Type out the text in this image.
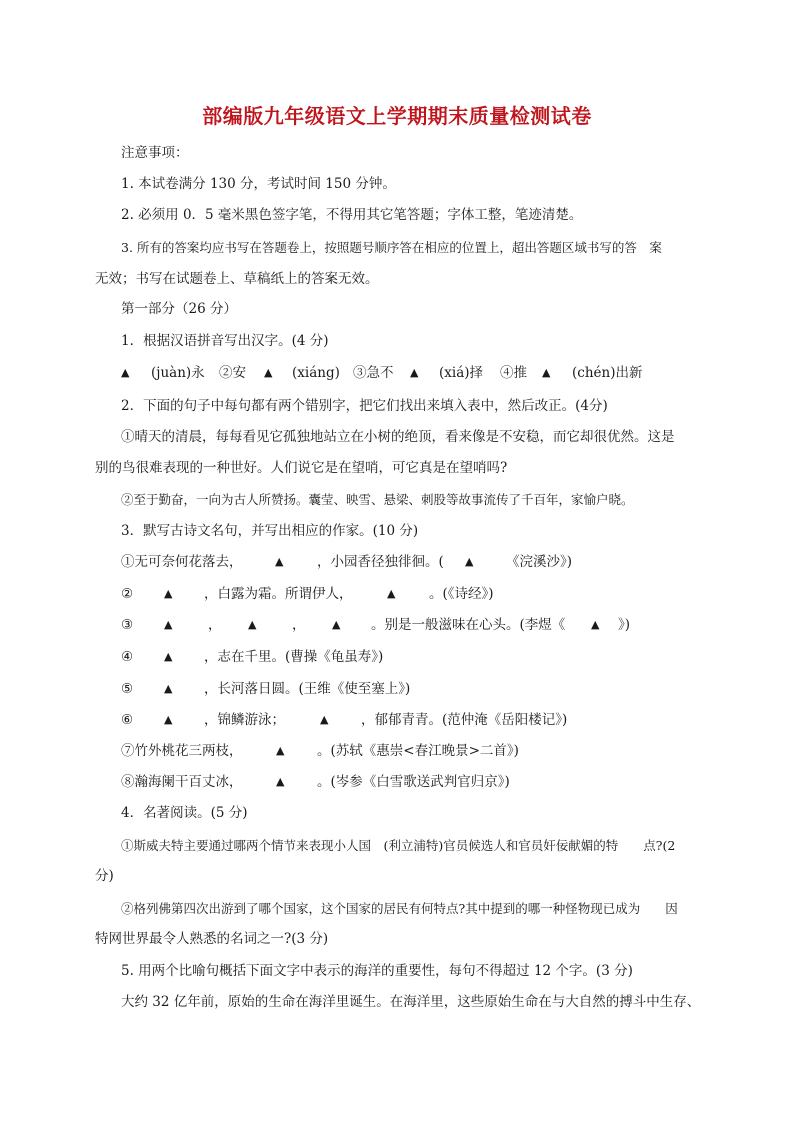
部编版九年级语文上学期期末质量检测试卷
注意事项：
1. 本试卷满分 130 分，考试时间 150 分钟。
2. 必须用 0．5 毫米黑色签字笔，不得用其它笔答题；字体工整，笔迹清楚。
3. 所有的答案均应书写在答题卷上，按照题号顺序答在相应的位置上，超出答题区域书写的答　案
无效；书写在试题卷上、草稿纸上的答案无效。
第一部分（26 分）
1．根据汉语拼音写出汉字。(4 分)
▲ (juàn)永 ②安 ▲ (xiáng) ③急不 ▲ (xiá)择 ④推 ▲ (chén)出新
2．下面的句子中每句都有两个错别字，把它们找出来填入表中，然后改正。(4分)
①晴天的清晨，每每看见它孤独地站立在小树的绝顶，看来像是不安稳，而它却很优然。这是
别的鸟很难表现的一种世好。人们说它是在望哨，可它真是在望哨吗?
②至于勤奋，一向为古人所赞扬。囊莹、映雪、悬梁、刺股等故事流传了千百年，家愉户晓。
3．默写古诗文名句，并写出相应的作家。(10 分)
①无可奈何花落去，	▲ ，小园香径独徘徊。( ▲ 《浣溪沙》)
②	▲ ，白露为霜。所谓伊人，	▲ 。(《诗经》)
③	▲	， ▲	， ▲ 。别是一般滋味在心头。(李煜《 ▲ 》)
④	▲ ，志在千里。(曹操《龟虽寿》)
⑤	▲ ，长河落日圆。(王维《使至塞上》)
⑥	▲ ，锦鳞游泳；	▲ ，郁郁青青。(范仲淹《岳阳楼记》)
⑦竹外桃花三两枝，	▲ 。(苏轼《惠崇<春江晚景>二首》)
⑧瀚海阑干百丈冰，	▲ 。(岑参《白雪歌送武判官归京》)
4．名著阅读。(5 分)
①斯威夫特主要通过哪两个情节来表现小人国　(利立浦特)官员候选人和官员奸佞献媚的特　　点?(2
分)
②格列佛第四次出游到了哪个国家，这个国家的居民有何特点?其中提到的哪一种怪物现已成为　　因
特网世界最令人熟悉的名词之一?(3 分)
5. 用两个比喻句概括下面文字中表示的海洋的重要性，每句不得超过 12 个字。(3 分)
大约 32 亿年前，原始的生命在海洋里诞生。在海洋里，这些原始生命在与大自然的搏斗中生存、
